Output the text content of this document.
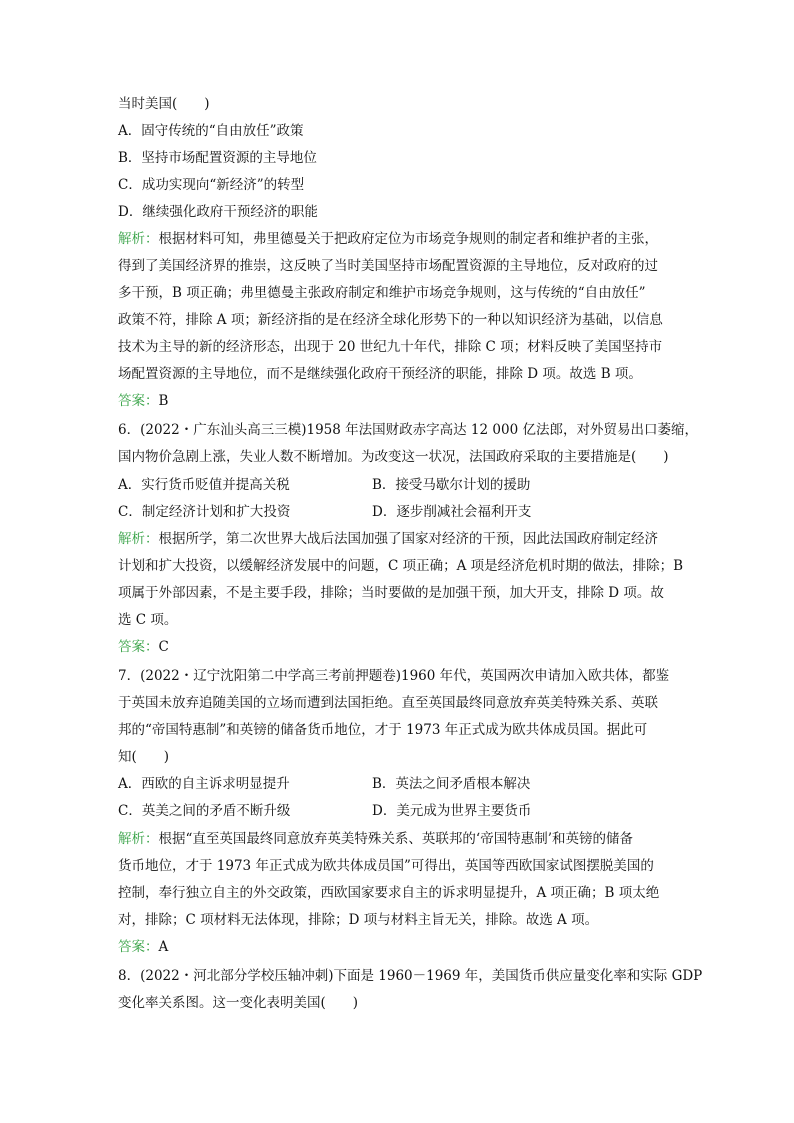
当时美国(　　)
A．固守传统的“自由放任”政策
B．坚持市场配置资源的主导地位
C．成功实现向“新经济”的转型
D．继续强化政府干预经济的职能
解析：根据材料可知，弗里德曼关于把政府定位为市场竞争规则的制定者和维护者的主张，
得到了美国经济界的推崇，这反映了当时美国坚持市场配置资源的主导地位，反对政府的过
多干预，B 项正确；弗里德曼主张政府制定和维护市场竞争规则，这与传统的“自由放任”
政策不符，排除 A 项；新经济指的是在经济全球化形势下的一种以知识经济为基础，以信息
技术为主导的新的经济形态，出现于 20 世纪九十年代，排除 C 项；材料反映了美国坚持市
场配置资源的主导地位，而不是继续强化政府干预经济的职能，排除 D 项。故选 B 项。
答案：B
6．(2022・广东汕头高三三模)1958 年法国财政赤字高达 12 000 亿法郎，对外贸易出口萎缩，
国内物价急剧上涨，失业人数不断增加。为改变这一状况，法国政府采取的主要措施是(　　)
A．实行货币贬值并提高关税	B．接受马歇尔计划的援助
C．制定经济计划和扩大投资	D．逐步削减社会福利开支
解析：根据所学，第二次世界大战后法国加强了国家对经济的干预，因此法国政府制定经济
计划和扩大投资，以缓解经济发展中的问题，C 项正确；A 项是经济危机时期的做法，排除；B
项属于外部因素，不是主要手段，排除；当时要做的是加强干预，加大开支，排除 D 项。故
选 C 项。
答案：C
7．(2022・辽宁沈阳第二中学高三考前押题卷)1960 年代，英国两次申请加入欧共体，都鉴
于英国未放弃追随美国的立场而遭到法国拒绝。直至英国最终同意放弃英美特殊关系、英联
邦的“帝国特惠制”和英镑的储备货币地位，才于 1973 年正式成为欧共体成员国。据此可
知(　　)
A．西欧的自主诉求明显提升	B．英法之间矛盾根本解决
C．英美之间的矛盾不断升级	D．美元成为世界主要货币
解析：根据“直至英国最终同意放弃英美特殊关系、英联邦的‘帝国特惠制’和英镑的储备
货币地位，才于 1973 年正式成为欧共体成员国”可得出，英国等西欧国家试图摆脱美国的
控制，奉行独立自主的外交政策，西欧国家要求自主的诉求明显提升，A 项正确；B 项太绝
对，排除；C 项材料无法体现，排除；D 项与材料主旨无关，排除。故选 A 项。
答案：A
8．(2022・河北部分学校压轴冲刺)下面是 1960－1969 年，美国货币供应量变化率和实际 GDP
变化率关系图。这一变化表明美国(　　)
